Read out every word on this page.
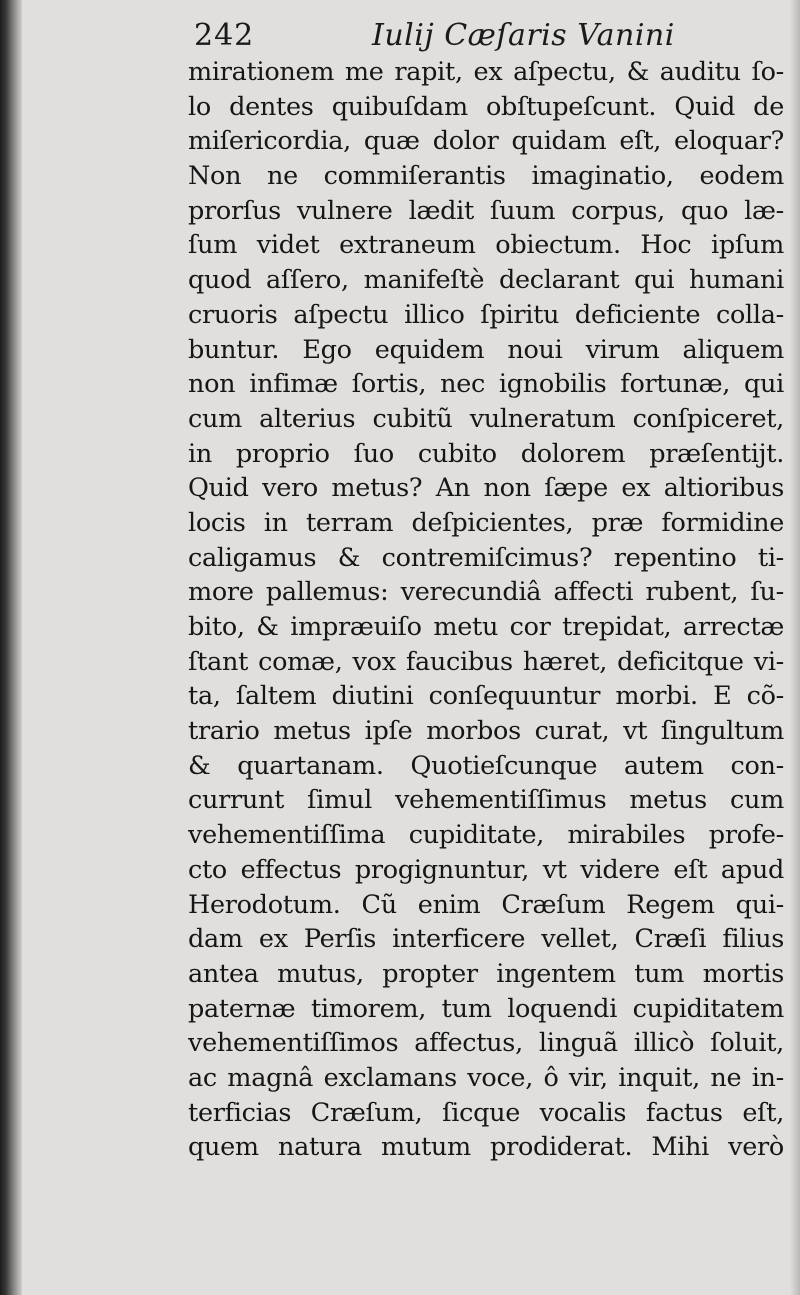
242	Iulij Cæſaris Vanini
mirationem me rapit, ex aſpectu, & auditu ſo-
lo dentes quibuſdam obſtupeſcunt. Quid de
miſericordia, quæ dolor quidam eſt, eloquar?
Non ne commiſerantis imaginatio, eodem
prorſus vulnere lædit ſuum corpus, quo læ-
ſum videt extraneum obiectum. Hoc ipſum
quod aſſero, manifeſtè declarant qui humani
cruoris aſpectu illico ſpiritu deficiente colla-
buntur. Ego equidem noui virum aliquem
non infimæ ſortis, nec ignobilis fortunæ, qui
cum alterius cubitũ vulneratum conſpiceret,
in proprio ſuo cubito dolorem præſentijt.
Quid vero metus? An non ſæpe ex altioribus
locis in terram deſpicientes, præ formidine
caligamus & contremiſcimus? repentino ti-
more pallemus: verecundiâ affecti rubent, ſu-
bito, & impræuiſo metu cor trepidat, arrectæ
ſtant comæ, vox faucibus hæret, deficitque vi-
ta, ſaltem diutini conſequuntur morbi. E cõ-
trario metus ipſe morbos curat, vt ſingultum
& quartanam. Quotieſcunque autem con-
currunt ſimul vehementiſſimus metus cum
vehementiſſima cupiditate, mirabiles profe-
cto effectus progignuntur, vt videre eſt apud
Herodotum. Cũ enim Cræſum Regem qui-
dam ex Perſis interficere vellet, Cræſi filius
antea mutus, propter ingentem tum mortis
paternæ timorem, tum loquendi cupiditatem
vehementiſſimos affectus, linguã illicò ſoluit,
ac magnâ exclamans voce, ô vir, inquit, ne in-
terficias Cræſum, ſicque vocalis factus eſt,
quem natura mutum prodiderat. Mihi verò
